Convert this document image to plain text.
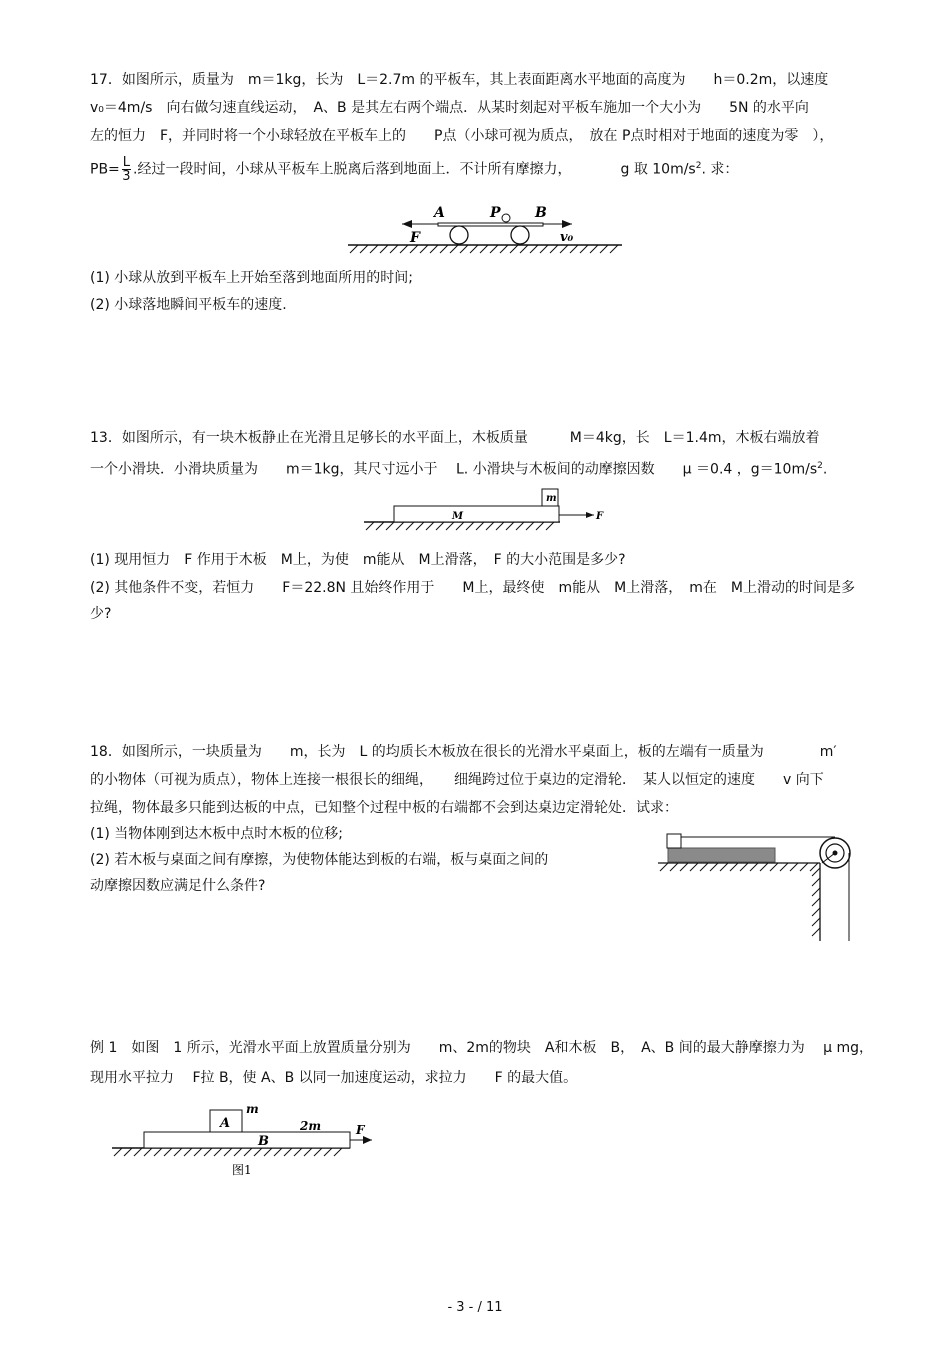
17．如图所示，质量为　m＝1kg，长为　L＝2.7m 的平板车，其上表面距离水平地面的高度为　　h＝0.2m，以速度
v₀＝4m/s　向右做匀速直线运动，　A、B 是其左右两个端点．从某时刻起对平板车施加一个大小为　　5N 的水平向
左的恒力　F，并同时将一个小球轻放在平板车上的　　P点（小球可视为质点，　放在 P点时相对于地面的速度为零　），
$PB= \frac{L}{3}$ .经过一段时间，小球从平板车上脱离后落到地面上．不计所有摩擦力，　　　　g 取 $10m/s^2$. 求：
A	P B
F	v₀
(1) 小球从放到平板车上开始至落到地面所用的时间;
(2) 小球落地瞬间平板车的速度.
13．如图所示，有一块木板静止在光滑且足够长的水平面上，木板质量　　　M＝4kg，长　L＝1.4m，木板右端放着
一个小滑块．小滑块质量为　　m＝1kg，其尺寸远小于　 L. 小滑块与木板间的动摩擦因数　　μ ＝0.4 ，$g=10m/s^2$.
m
M	F
(1) 现用恒力　F 作用于木板　M上，为使　m能从　M上滑落，　F 的大小范围是多少?
(2) 其他条件不变，若恒力　　F＝22.8N 且始终作用于　　M上，最终使　m能从　M上滑落，　m在　M上滑动的时间是多
少?
18．如图所示，一块质量为　　m，长为　L 的均质长木板放在很长的光滑水平桌面上，板的左端有一质量为　　　　m′
的小物体（可视为质点），物体上连接一根很长的细绳，　　细绳跨过位于桌边的定滑轮．　某人以恒定的速度　　v 向下
拉绳，物体最多只能到达板的中点，已知整个过程中板的右端都不会到达桌边定滑轮处．试求：
(1) 当物体刚到达木板中点时木板的位移;
(2) 若木板与桌面之间有摩擦，为使物体能达到板的右端，板与桌面之间的
动摩擦因数应满足什么条件?
例 1　如图　1 所示，光滑水平面上放置质量分别为　　m、2m的物块　A和木板　B，　A、B 间的最大静摩擦力为　 μ mg，
现用水平拉力　 F拉 B，使 A、B 以同一加速度运动，求拉力　　F 的最大值。
m
A
B
2m	F
图1
- 3 - / 11
